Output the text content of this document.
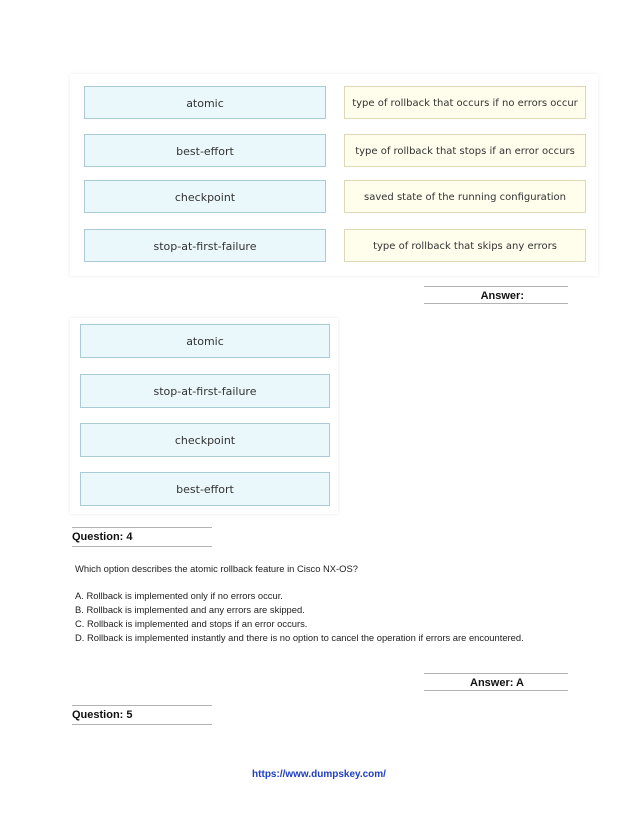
atomic
best-effort
checkpoint
stop-at-first-failure
type of rollback that occurs if no errors occur
type of rollback that stops if an error occurs
saved state of the running configuration
type of rollback that skips any errors
Answer:
atomic
stop-at-first-failure
checkpoint
best-effort
Question: 4
Which option describes the atomic rollback feature in Cisco NX-OS?
A. Rollback is implemented only if no errors occur.
B. Rollback is implemented and any errors are skipped.
C. Rollback is implemented and stops if an error occurs.
D. Rollback is implemented instantly and there is no option to cancel the operation if errors are encountered.
Answer: A
Question: 5
https://www.dumpskey.com/
